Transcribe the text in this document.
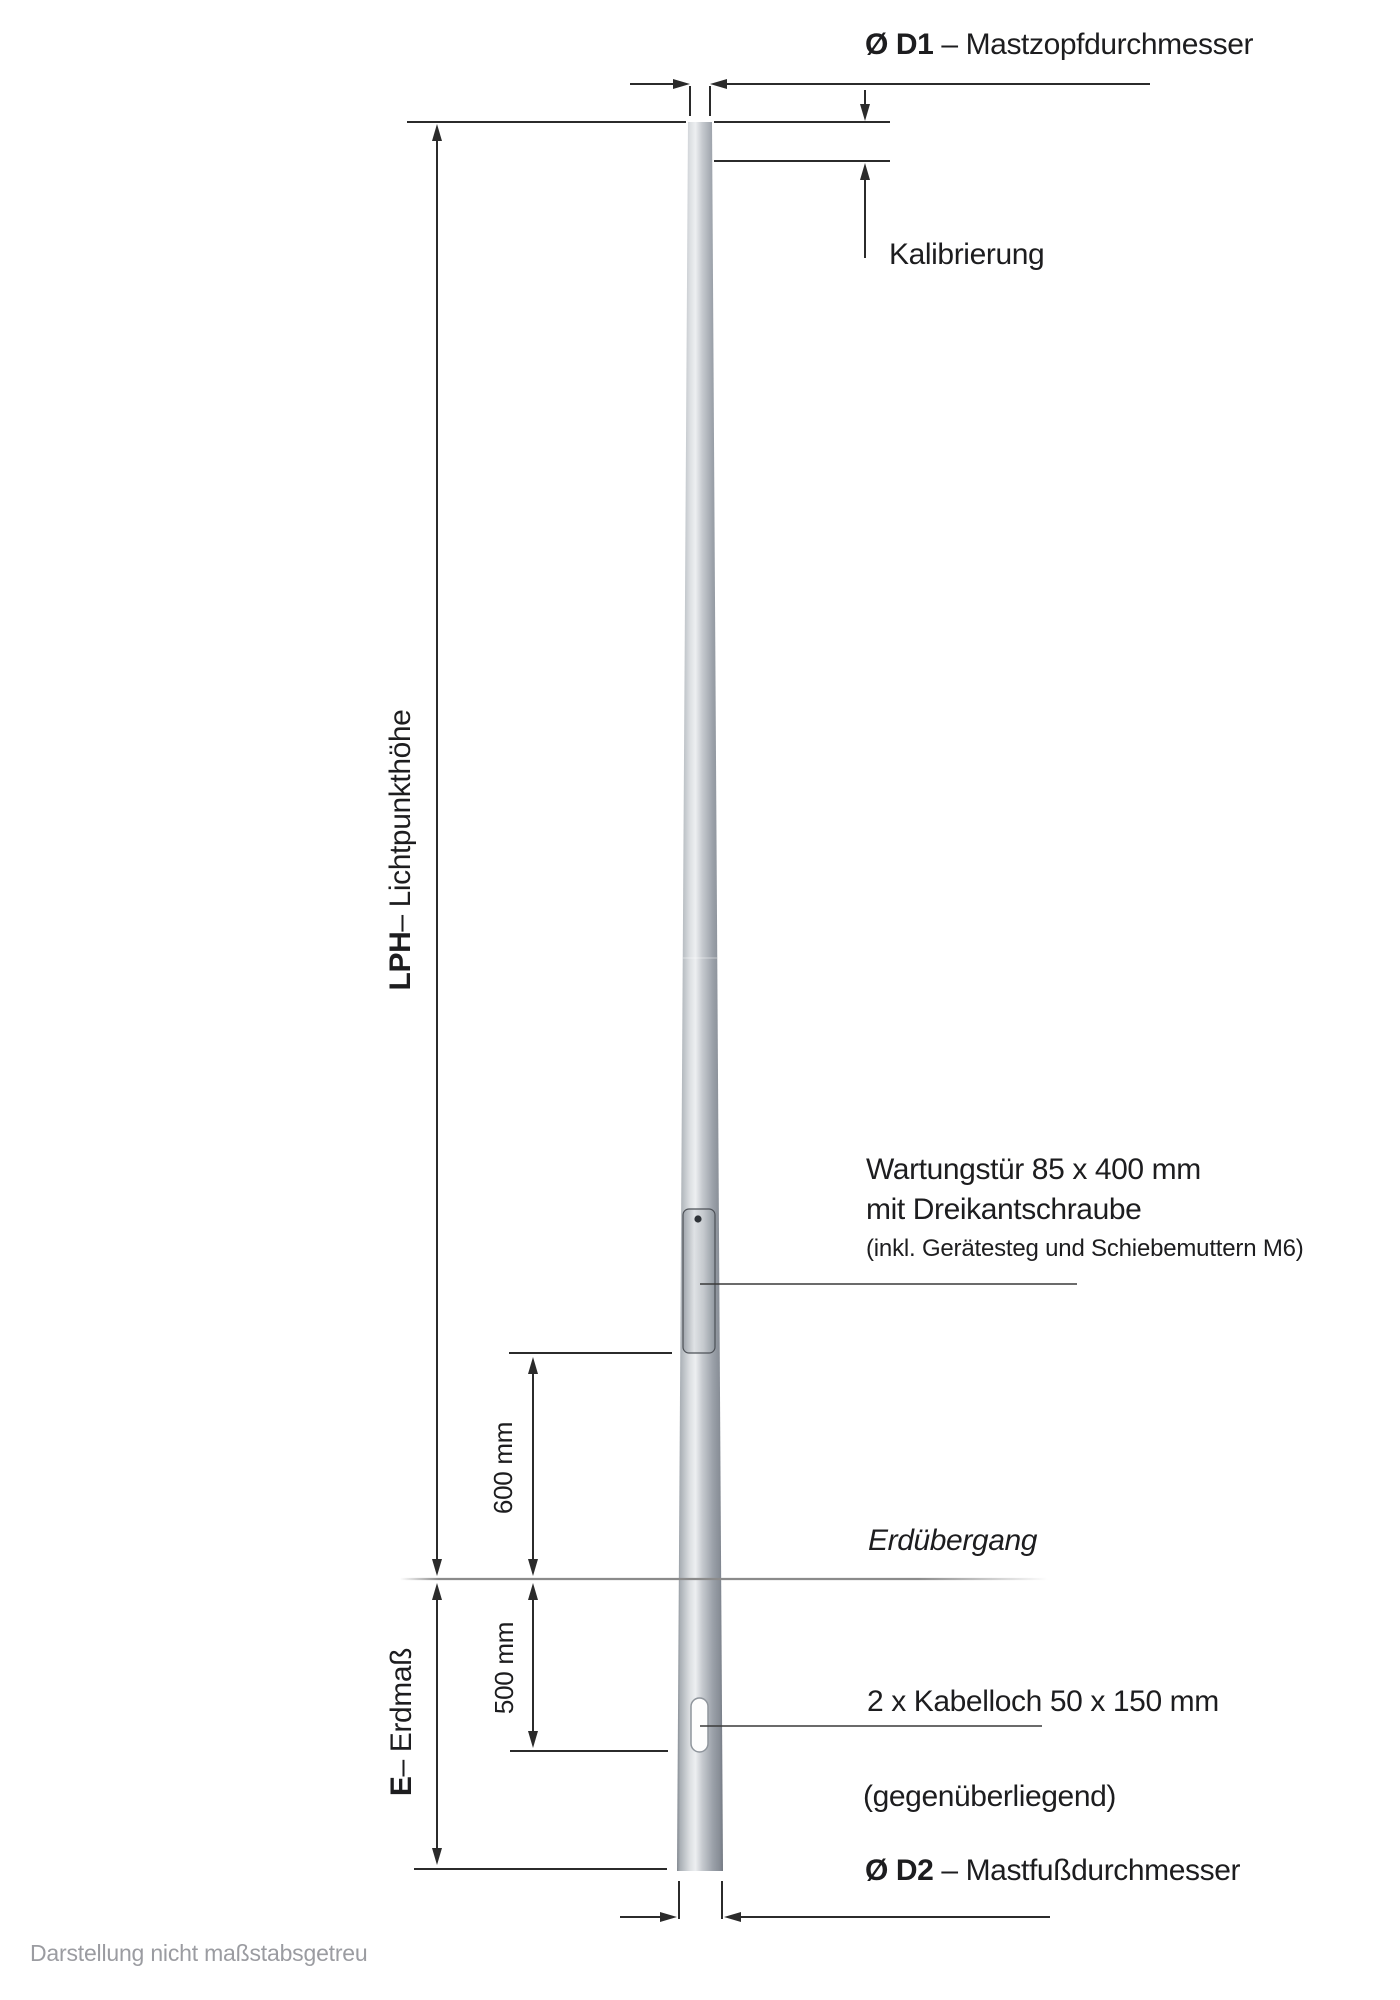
Ø D1 – Mastzopfdurchmesser
Kalibrierung
LPH
– Lichtpunkthöhe
Wartungstür 85 x 400 mm
mit Dreikantschraube
(inkl. Gerätesteg und Schiebemuttern M6)
600 mm
Erdübergang
500 mm
E
– Erdmaß	2 x Kabelloch 50 x 150 mm
(gegenüberliegend)
Ø D2 – Mastfußdurchmesser
Darstellung nicht maßstabsgetreu
